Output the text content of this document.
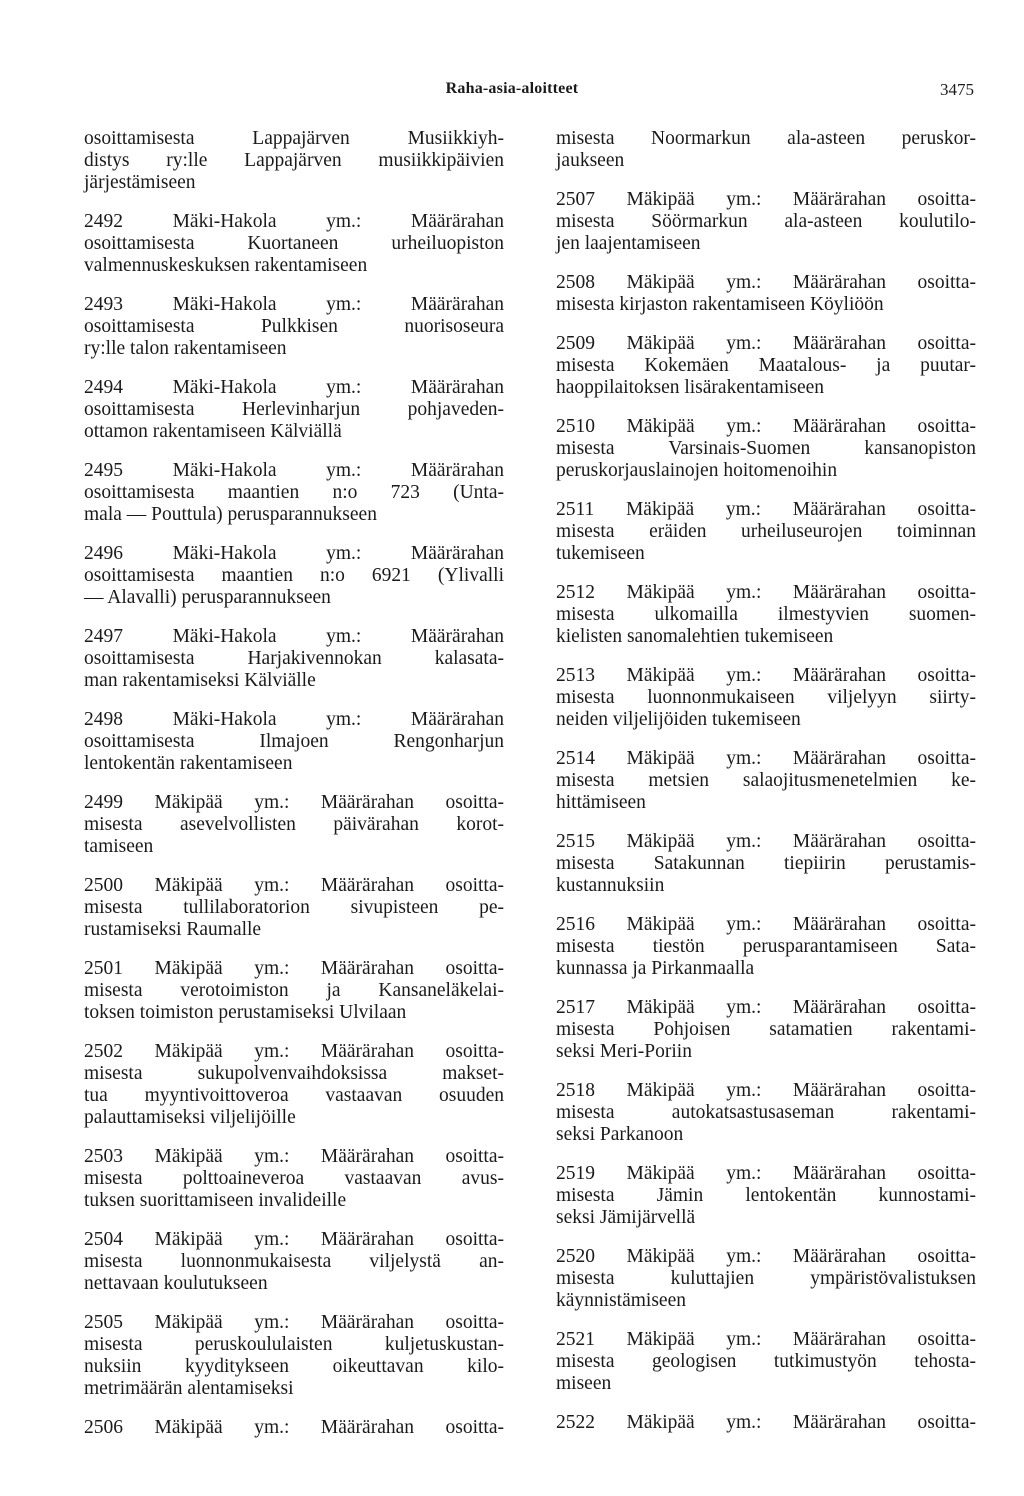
Raha-asia-aloitteet	3475
osoittamisesta Lappajärven Musiikkiyh-
distys ry:lle Lappajärven musiikkipäivien
järjestämiseen
2492 Mäki-Hakola ym.: Määrärahan
osoittamisesta Kuortaneen urheiluopiston
valmennuskeskuksen rakentamiseen
2493 Mäki-Hakola ym.: Määrärahan
osoittamisesta Pulkkisen nuorisoseura
ry:lle talon rakentamiseen
2494 Mäki-Hakola ym.: Määrärahan
osoittamisesta Herlevinharjun pohjaveden-
ottamon rakentamiseen Kälviällä
2495 Mäki-Hakola ym.: Määrärahan
osoittamisesta maantien n:o 723 (Unta-
mala — Pouttula) perusparannukseen
2496 Mäki-Hakola ym.: Määrärahan
osoittamisesta maantien n:o 6921 (Ylivalli
— Alavalli) perusparannukseen
2497 Mäki-Hakola ym.: Määrärahan
osoittamisesta Harjakivennokan kalasata-
man rakentamiseksi Kälviälle
2498 Mäki-Hakola ym.: Määrärahan
osoittamisesta Ilmajoen Rengonharjun
lentokentän rakentamiseen
2499 Mäkipää ym.: Määrärahan osoitta-
misesta asevelvollisten päivärahan korot-
tamiseen
2500 Mäkipää ym.: Määrärahan osoitta-
misesta tullilaboratorion sivupisteen pe-
rustamiseksi Raumalle
2501 Mäkipää ym.: Määrärahan osoitta-
misesta verotoimiston ja Kansaneläkelai-
toksen toimiston perustamiseksi Ulvilaan
2502 Mäkipää ym.: Määrärahan osoitta-
misesta sukupolvenvaihdoksissa makset-
tua myyntivoittoveroa vastaavan osuuden
palauttamiseksi viljelijöille
2503 Mäkipää ym.: Määrärahan osoitta-
misesta polttoaineveroa vastaavan avus-
tuksen suorittamiseen invalideille
2504 Mäkipää ym.: Määrärahan osoitta-
misesta luonnonmukaisesta viljelystä an-
nettavaan koulutukseen
2505 Mäkipää ym.: Määrärahan osoitta-
misesta peruskoululaisten kuljetuskustan-
nuksiin kyyditykseen oikeuttavan kilo-
metrimäärän alentamiseksi
2506 Mäkipää ym.: Määrärahan osoitta-
misesta Noormarkun ala-asteen peruskor-
jaukseen
2507 Mäkipää ym.: Määrärahan osoitta-
misesta Söörmarkun ala-asteen koulutilo-
jen laajentamiseen
2508 Mäkipää ym.: Määrärahan osoitta-
misesta kirjaston rakentamiseen Köyliöön
2509 Mäkipää ym.: Määrärahan osoitta-
misesta Kokemäen Maatalous- ja puutar-
haoppilaitoksen lisärakentamiseen
2510 Mäkipää ym.: Määrärahan osoitta-
misesta Varsinais-Suomen kansanopiston
peruskorjauslainojen hoitomenoihin
2511 Mäkipää ym.: Määrärahan osoitta-
misesta eräiden urheiluseurojen toiminnan
tukemiseen
2512 Mäkipää ym.: Määrärahan osoitta-
misesta ulkomailla ilmestyvien suomen-
kielisten sanomalehtien tukemiseen
2513 Mäkipää ym.: Määrärahan osoitta-
misesta luonnonmukaiseen viljelyyn siirty-
neiden viljelijöiden tukemiseen
2514 Mäkipää ym.: Määrärahan osoitta-
misesta metsien salaojitusmenetelmien ke-
hittämiseen
2515 Mäkipää ym.: Määrärahan osoitta-
misesta Satakunnan tiepiirin perustamis-
kustannuksiin
2516 Mäkipää ym.: Määrärahan osoitta-
misesta tiestön perusparantamiseen Sata-
kunnassa ja Pirkanmaalla
2517 Mäkipää ym.: Määrärahan osoitta-
misesta Pohjoisen satamatien rakentami-
seksi Meri-Poriin
2518 Mäkipää ym.: Määrärahan osoitta-
misesta autokatsastusaseman rakentami-
seksi Parkanoon
2519 Mäkipää ym.: Määrärahan osoitta-
misesta Jämin lentokentän kunnostami-
seksi Jämijärvellä
2520 Mäkipää ym.: Määrärahan osoitta-
misesta kuluttajien ympäristövalistuksen
käynnistämiseen
2521 Mäkipää ym.: Määrärahan osoitta-
misesta geologisen tutkimustyön tehosta-
miseen
2522 Mäkipää ym.: Määrärahan osoitta-
